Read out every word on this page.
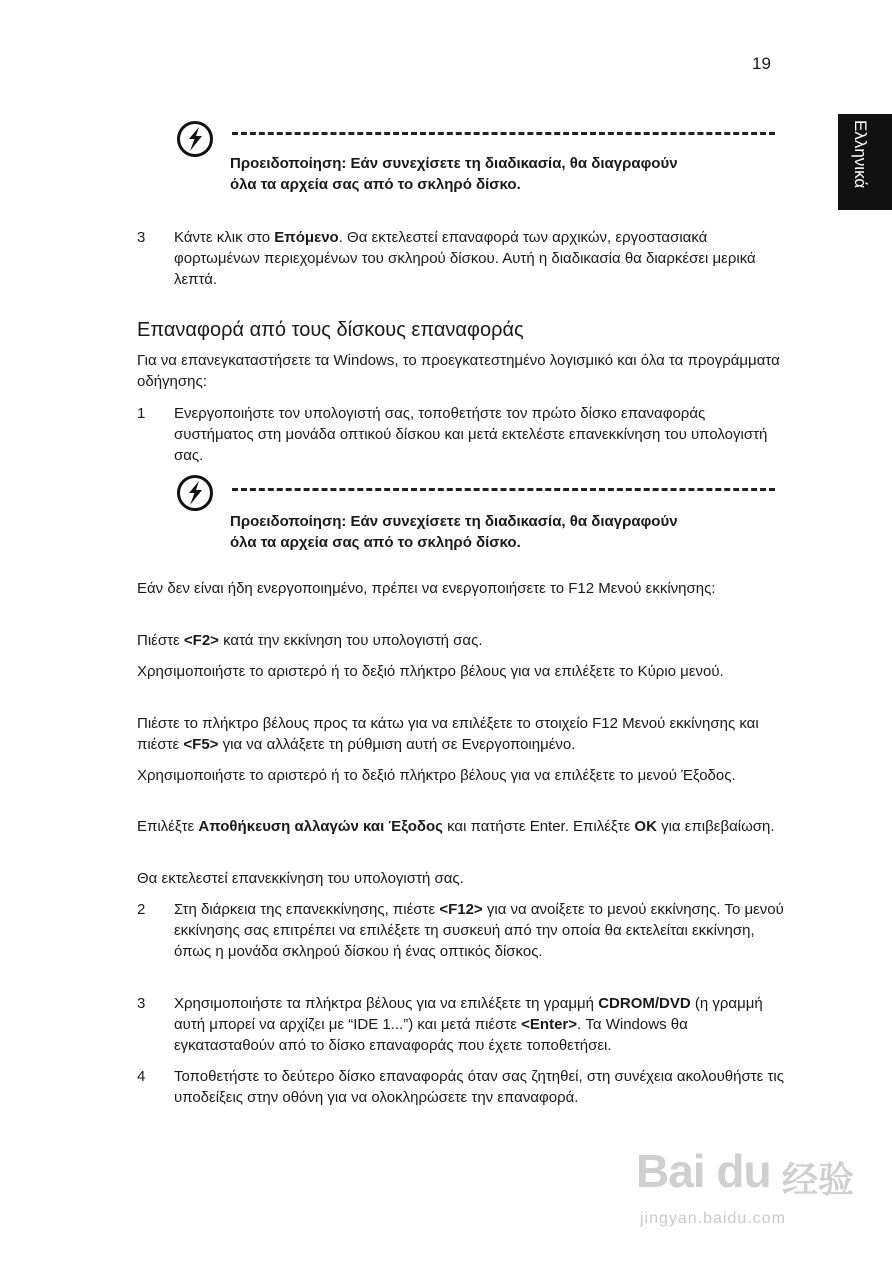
19
Ελληνικά
Προειδοποίηση: Εάν συνεχίσετε τη διαδικασία, θα διαγραφούν
όλα τα αρχεία σας από το σκληρό δίσκο.
3	Κάντε κλικ στο Επόμενο. Θα εκτελεστεί επαναφορά των αρχικών, εργοστασιακά φορτωμένων περιεχομένων του σκληρού δίσκου. Αυτή η διαδικασία θα διαρκέσει μερικά λεπτά.
Επαναφορά από τους δίσκους επαναφοράς
Για να επανεγκαταστήσετε τα Windows, το προεγκατεστημένο λογισμικό και όλα τα προγράμματα οδήγησης:
1	Ενεργοποιήστε τον υπολογιστή σας, τοποθετήστε τον πρώτο δίσκο επαναφοράς συστήματος στη μονάδα οπτικού δίσκου και μετά εκτελέστε επανεκκίνηση του υπολογιστή σας.
Προειδοποίηση: Εάν συνεχίσετε τη διαδικασία, θα διαγραφούν
όλα τα αρχεία σας από το σκληρό δίσκο.
Εάν δεν είναι ήδη ενεργοποιημένο, πρέπει να ενεργοποιήσετε το F12 Μενού εκκίνησης:
Πιέστε <F2> κατά την εκκίνηση του υπολογιστή σας.
Χρησιμοποιήστε το αριστερό ή το δεξιό πλήκτρο βέλους για να επιλέξετε το Κύριο μενού.
Πιέστε το πλήκτρο βέλους προς τα κάτω για να επιλέξετε το στοιχείο F12 Μενού εκκίνησης και πιέστε <F5> για να αλλάξετε τη ρύθμιση αυτή σε Ενεργοποιημένο.
Χρησιμοποιήστε το αριστερό ή το δεξιό πλήκτρο βέλους για να επιλέξετε το μενού Έξοδος.
Επιλέξτε Αποθήκευση αλλαγών και Έξοδος και πατήστε Enter. Επιλέξτε OK για επιβεβαίωση.
Θα εκτελεστεί επανεκκίνηση του υπολογιστή σας.
2	Στη διάρκεια της επανεκκίνησης, πιέστε <F12> για να ανοίξετε το μενού εκκίνησης. Το μενού εκκίνησης σας επιτρέπει να επιλέξετε τη συσκευή από την οποία θα εκτελείται εκκίνηση, όπως η μονάδα σκληρού δίσκου ή ένας οπτικός δίσκος.
3	Χρησιμοποιήστε τα πλήκτρα βέλους για να επιλέξετε τη γραμμή CDROM/DVD (η γραμμή αυτή μπορεί να αρχίζει με “IDE 1...”) και μετά πιέστε <Enter>. Τα Windows θα εγκατασταθούν από το δίσκο επαναφοράς που έχετε τοποθετήσει.
4	Τοποθετήστε το δεύτερο δίσκο επαναφοράς όταν σας ζητηθεί, στη συνέχεια ακολουθήστε τις υποδείξεις στην οθόνη για να ολοκληρώσετε την επαναφορά.
Bai du 经验
jingyan.baidu.com
